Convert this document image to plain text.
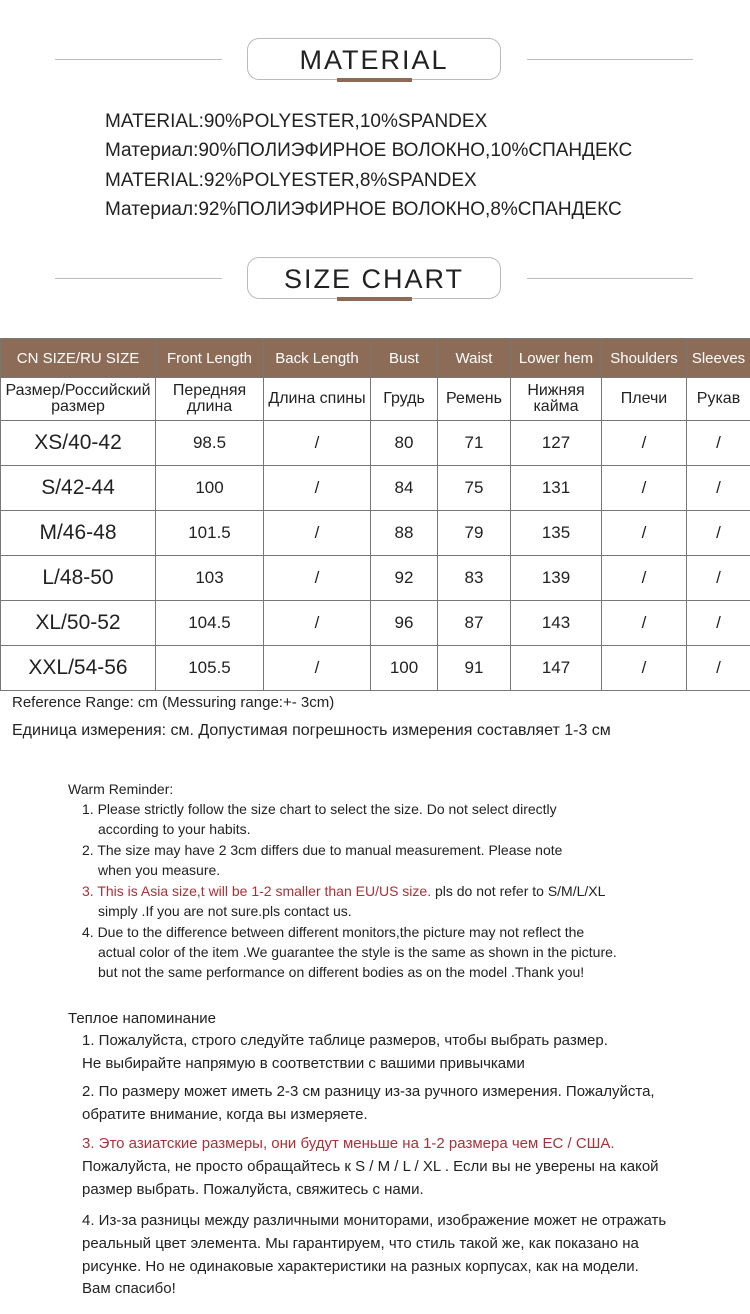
MATERIAL
MATERIAL:90%POLYESTER,10%SPANDEX
Материал:90%ПОЛИЭФИРНОЕ ВОЛОКНО,10%СПАНДЕКС
MATERIAL:92%POLYESTER,8%SPANDEX
Материал:92%ПОЛИЭФИРНОЕ ВОЛОКНО,8%СПАНДЕКС
SIZE CHART
CN SIZE/RU SIZE	Front Length	Back Length	Bust	Waist	Lower hem	Shoulders	Sleeves
Размер/Российский размер	Передняя длина	Длина спины	Грудь	Ремень	Нижняя кайма	Плечи	Рукав
XS/40-42	98.5	/	80	71	127	/	/
S/42-44	100	/	84	75	131	/	/
M/46-48	101.5	/	88	79	135	/	/
L/48-50	103	/	92	83	139	/	/
XL/50-52	104.5	/	96	87	143	/	/
XXL/54-56	105.5	/	100	91	147	/	/
Reference Range: cm (Messuring range:+- 3cm)
Единица измерения: см. Допустимая погрешность измерения составляет 1-3 см
Warm Reminder:
1. Please strictly follow the size chart to select the size. Do not select directly
according to your habits.
2. The size may have 2 3cm differs due to manual measurement. Please note
when you measure.
simply .If you are not sure.pls contact us.
4. Due to the difference between different monitors,the picture may not reflect the
actual color of the item .We guarantee the style is the same as shown in the picture.
but not the same performance on different bodies as on the model .Thank you!
3. This is Asia size,t will be 1-2 smaller than EU/US size. pls do not refer to S/M/L/XL
Теплое напоминание
1. Пожалуйста, строго следуйте таблице размеров, чтобы выбрать размер.
Не выбирайте напрямую в соответствии с вашими привычками
2. По размеру может иметь 2-3 см разницу из-за ручного измерения. Пожалуйста,
обратите внимание, когда вы измеряете.
3. Это азиатские размеры, они будут меньше на 1-2 размера чем ЕС / США.
Пожалуйста, не просто обращайтесь к S / M / L / XL . Если вы не уверены на какой
размер выбрать. Пожалуйста, свяжитесь с нами.
4. Из-за разницы между различными мониторами, изображение может не отражать
реальный цвет элемента. Мы гарантируем, что стиль такой же, как показано на
рисунке. Но не одинаковые характеристики на разных корпусах, как на модели.
Вам спасибо!
